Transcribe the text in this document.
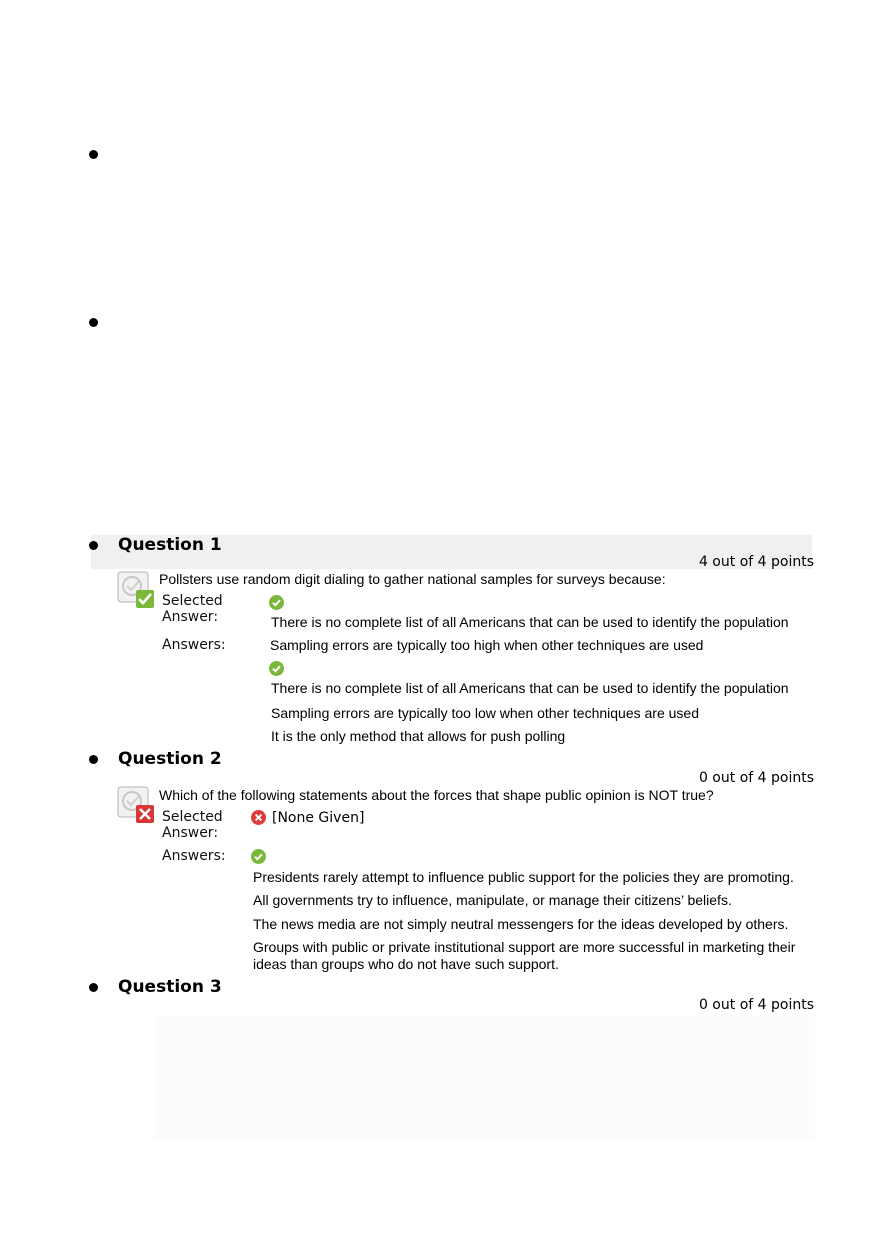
Question 1
4 out of 4 points
Pollsters use random digit dialing to gather national samples for surveys because:
Selected Answer:	There is no complete list of all Americans that can be used to identify the population
Answers:	Sampling errors are typically too high when other techniques are used
There is no complete list of all Americans that can be used to identify the population
Sampling errors are typically too low when other techniques are used
It is the only method that allows for push polling
Question 2
0 out of 4 points
Which of the following statements about the forces that shape public opinion is NOT true?
Selected Answer:
[None Given]
Answers:
Presidents rarely attempt to influence public support for the policies they are promoting.
All governments try to influence, manipulate, or manage their citizens’ beliefs.
The news media are not simply neutral messengers for the ideas developed by others.
Groups with public or private institutional support are more successful in marketing their ideas than groups who do not have such support.
Question 3
0 out of 4 points
